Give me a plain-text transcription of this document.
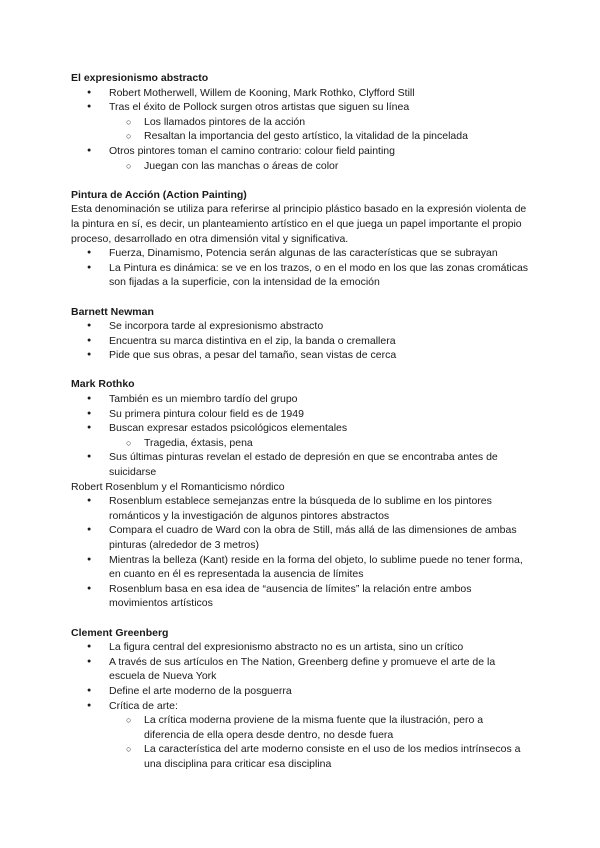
El expresionismo abstracto
● Robert Motherwell, Willem de Kooning, Mark Rothko, Clyfford Still
● Tras el éxito de Pollock surgen otros artistas que siguen su línea
○ Los llamados pintores de la acción
○ Resaltan la importancia del gesto artístico, la vitalidad de la pincelada
● Otros pintores toman el camino contrario: colour field painting
○ Juegan con las manchas o áreas de color
Pintura de Acción (Action Painting)

Esta denominación se utiliza para referirse al principio plástico basado en la expresión violenta de la pintura en sí, es decir, un planteamiento artístico en el que juega un papel importante el propio proceso, desarrollado en otra dimensión vital y significativa.

● Fuerza, Dinamismo, Potencia serán algunas de las características que se subrayan
● La Pintura es dinámica: se ve en los trazos, o en el modo en los que las zonas cromáticas son fijadas a la superficie, con la intensidad de la emoción
Barnett Newman
● Se incorpora tarde al expresionismo abstracto
● Encuentra su marca distintiva en el zip, la banda o cremallera
● Pide que sus obras, a pesar del tamaño, sean vistas de cerca
Mark Rothko
● También es un miembro tardío del grupo
● Su primera pintura colour field es de 1949
● Buscan expresar estados psicológicos elementales
○ Tragedia, éxtasis, pena
● Sus últimas pinturas revelan el estado de depresión en que se encontraba antes de suicidarse
Robert Rosenblum y el Romanticismo nórdico
● Rosenblum establece semejanzas entre la búsqueda de lo sublime en los pintores románticos y la investigación de algunos pintores abstractos
● Compara el cuadro de Ward con la obra de Still, más allá de las dimensiones de ambas pinturas (alrededor de 3 metros)
● Mientras la belleza (Kant) reside en la forma del objeto, lo sublime puede no tener forma, en cuanto en él es representada la ausencia de límites
● Rosenblum basa en esa idea de “ausencia de límites” la relación entre ambos movimientos artísticos
Clement Greenberg
● La figura central del expresionismo abstracto no es un artista, sino un crítico
● A través de sus artículos en The Nation, Greenberg define y promueve el arte de la escuela de Nueva York
● Define el arte moderno de la posguerra
● Crítica de arte:
○ La crítica moderna proviene de la misma fuente que la ilustración, pero a diferencia de ella opera desde dentro, no desde fuera
○ La característica del arte moderno consiste en el uso de los medios intrínsecos a una disciplina para criticar esa disciplina
